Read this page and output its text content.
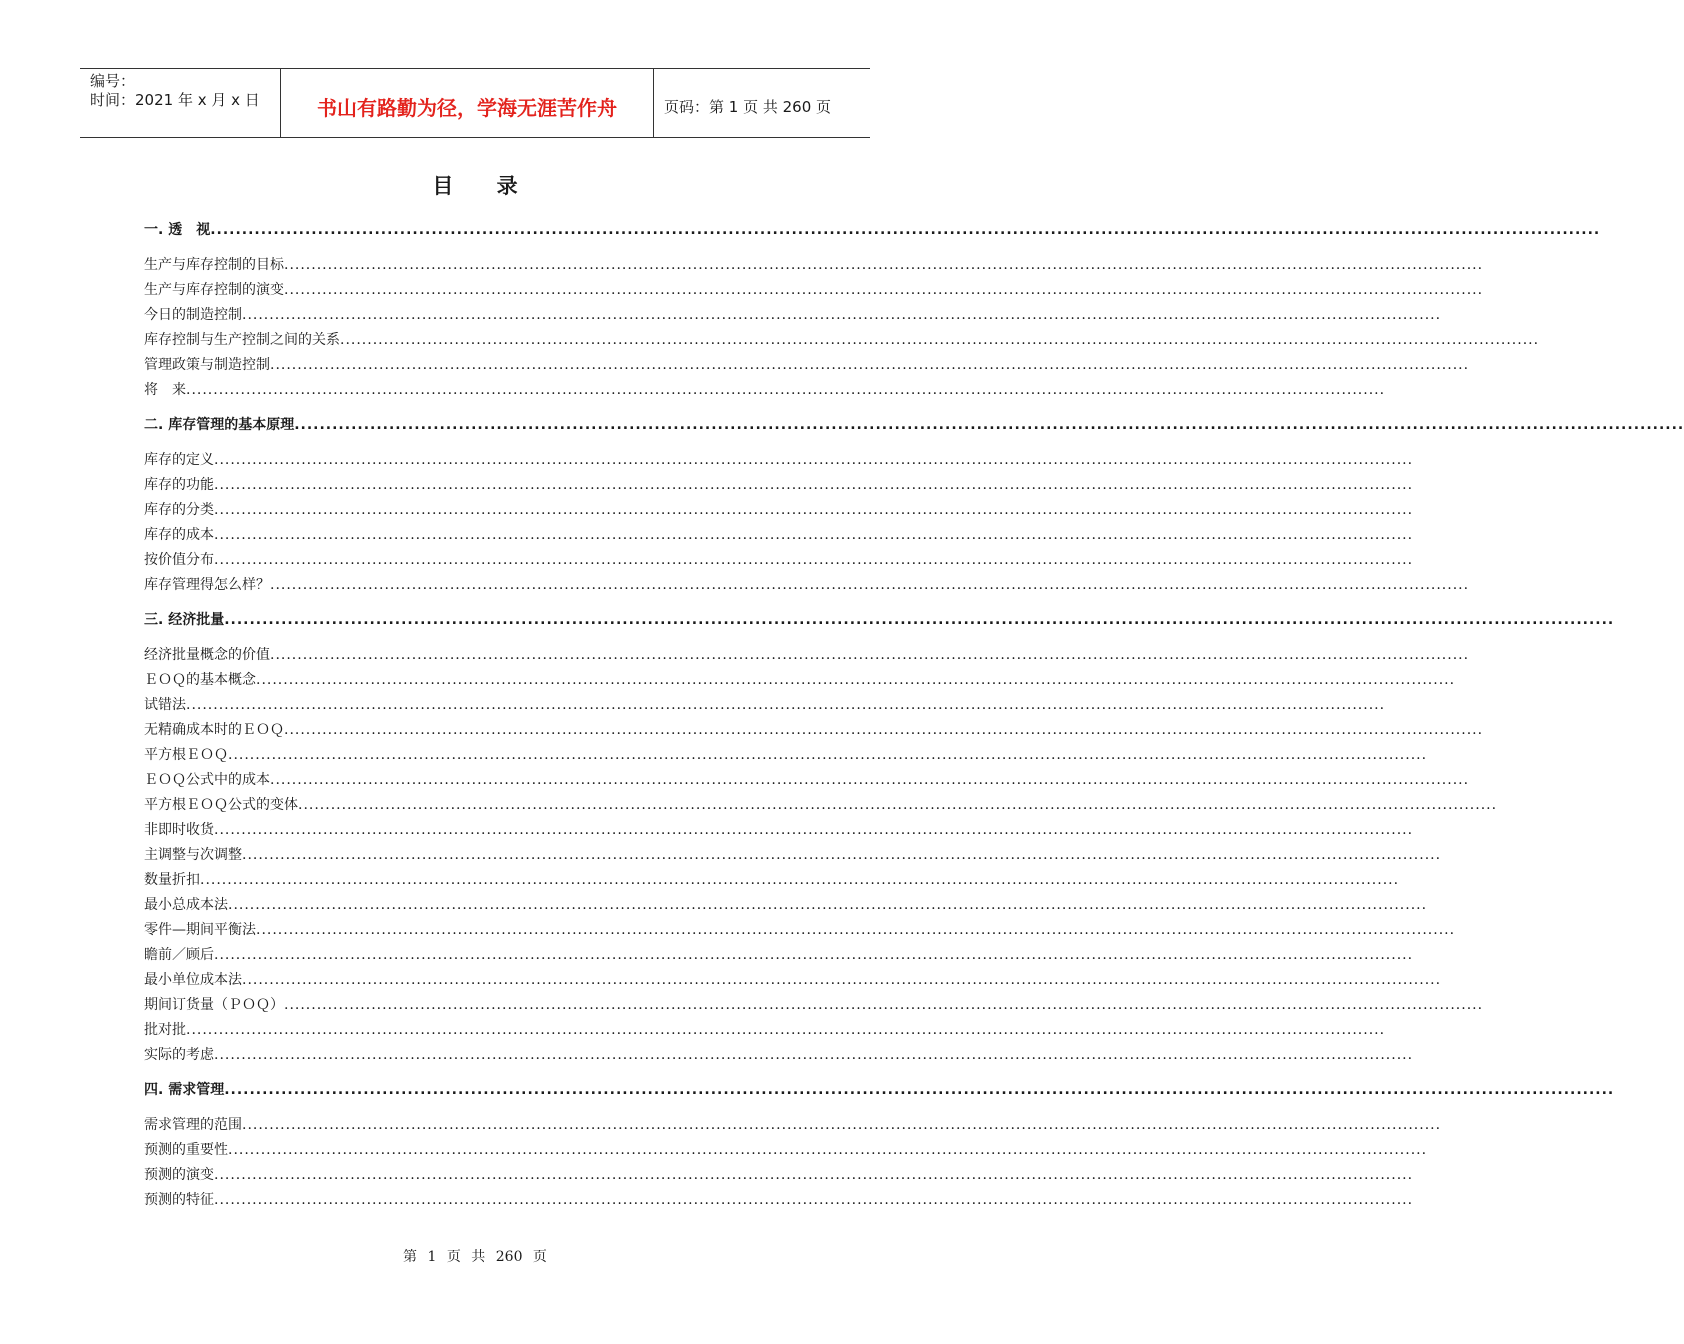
编号：
时间：2021 年 x 月 x 日	书山有路勤为径，学海无涯苦作舟	页码：第 1 页 共 260 页
目 录
一. 透　视............................................................................................................................................................................................................................
生产与库存控制的目标............................................................................................................................................................................................................................
生产与库存控制的演变............................................................................................................................................................................................................................
今日的制造控制............................................................................................................................................................................................................................
库存控制与生产控制之间的关系............................................................................................................................................................................................................................
管理政策与制造控制............................................................................................................................................................................................................................
将　来............................................................................................................................................................................................................................
二. 库存管理的基本原理............................................................................................................................................................................................................................
库存的定义............................................................................................................................................................................................................................
库存的功能............................................................................................................................................................................................................................
库存的分类............................................................................................................................................................................................................................
库存的成本............................................................................................................................................................................................................................
按价值分布............................................................................................................................................................................................................................
库存管理得怎么样？............................................................................................................................................................................................................................
三. 经济批量............................................................................................................................................................................................................................
经济批量概念的价值............................................................................................................................................................................................................................
ＥＯＱ的基本概念............................................................................................................................................................................................................................
试错法............................................................................................................................................................................................................................
无精确成本时的ＥＯＱ............................................................................................................................................................................................................................
平方根ＥＯＱ............................................................................................................................................................................................................................
ＥＯＱ公式中的成本............................................................................................................................................................................................................................
平方根ＥＯＱ公式的变体............................................................................................................................................................................................................................
非即时收货............................................................................................................................................................................................................................
主调整与次调整............................................................................................................................................................................................................................
数量折扣............................................................................................................................................................................................................................
最小总成本法............................................................................................................................................................................................................................
零件—期间平衡法............................................................................................................................................................................................................................
瞻前／顾后............................................................................................................................................................................................................................
最小单位成本法............................................................................................................................................................................................................................
期间订货量（ＰＯＱ）............................................................................................................................................................................................................................
批对批............................................................................................................................................................................................................................
实际的考虑............................................................................................................................................................................................................................
四. 需求管理............................................................................................................................................................................................................................
需求管理的范围............................................................................................................................................................................................................................
预测的重要性............................................................................................................................................................................................................................
预测的演变............................................................................................................................................................................................................................
预测的特征............................................................................................................................................................................................................................
第 1 页 共 260 页
